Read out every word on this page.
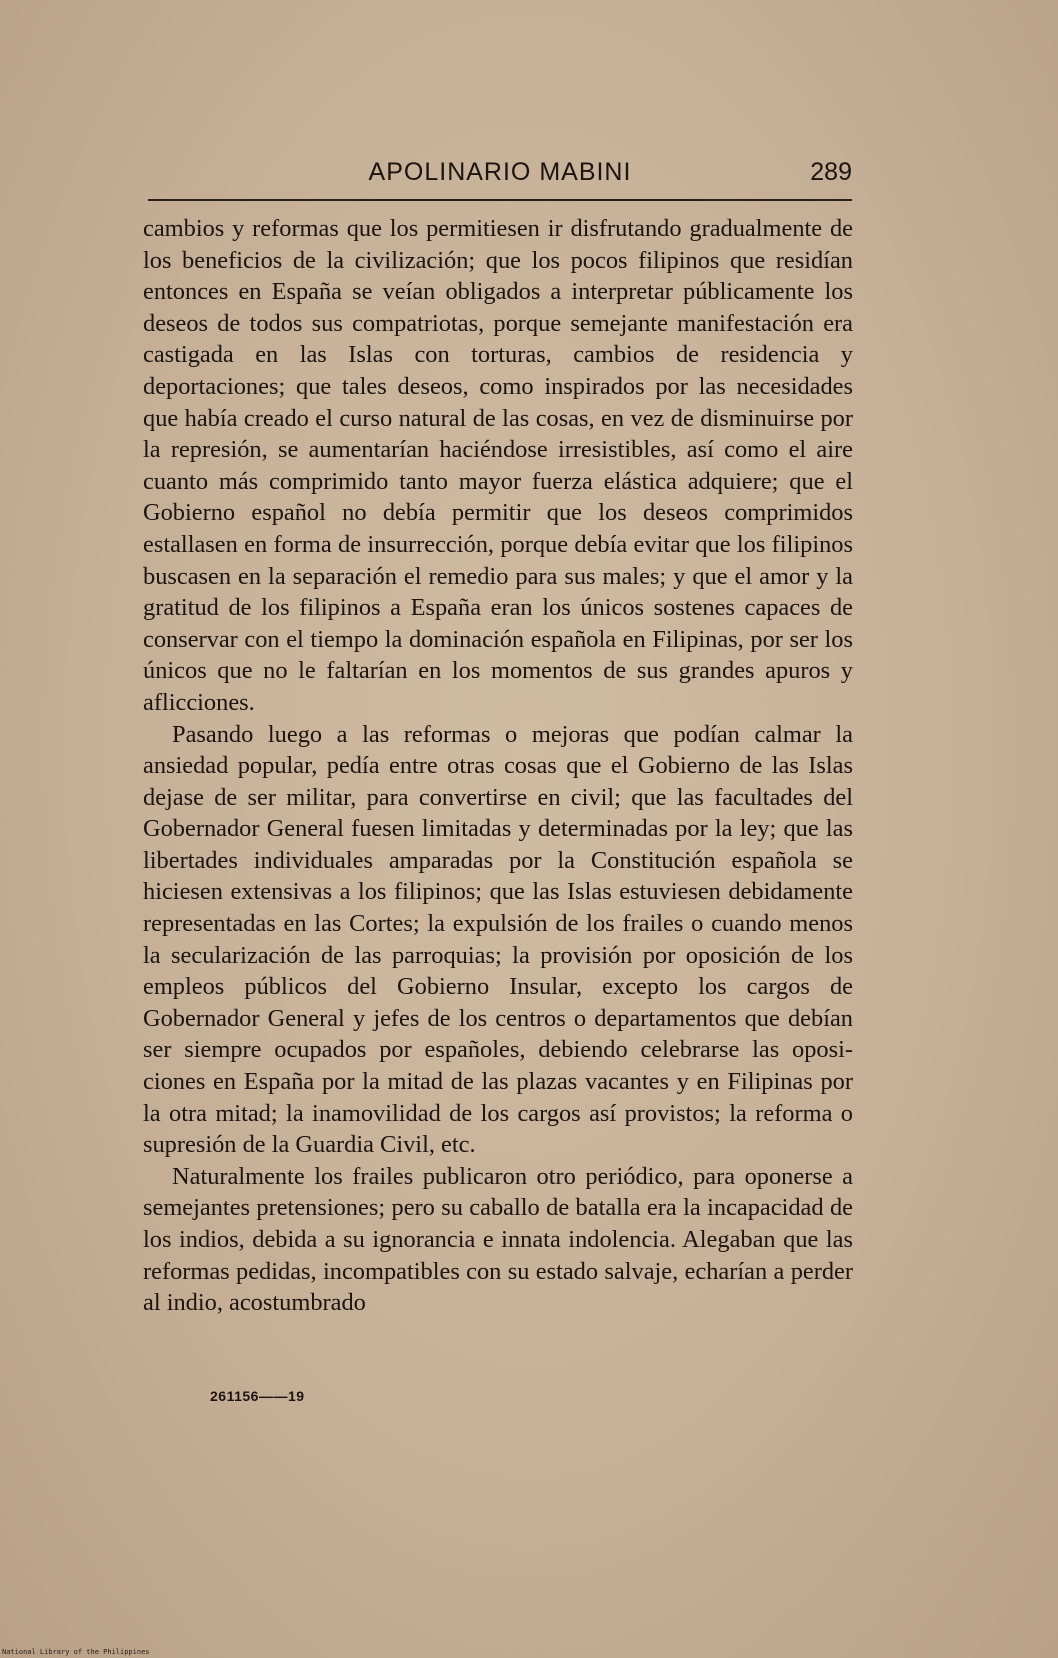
APOLINARIO MABINI	289

cambios y reformas que los permitiesen ir disfrutando gradualmente de los beneficios de la civilización; que los pocos filipinos que residían entonces en España se veían obligados a interpretar públicamente los deseos de todos sus compatriotas, porque semejante manifestación era castigada en las Islas con torturas, cambios de residencia y deportaciones; que tales deseos, como inspirados por las necesidades que había creado el curso natural de las cosas, en vez de disminuirse por la represión, se aumentarían haciéndose irresistibles, así como el aire cuanto más comprimido tanto mayor fuerza elástica adquiere; que el Gobierno español no debía permitir que los deseos comprimidos estallasen en forma de insurrección, porque debía evitar que los filipinos buscasen en la separación el remedio para sus males; y que el amor y la gratitud de los filipinos a España eran los únicos sostenes capaces de conservar con el tiempo la dominación española en Filipinas, por ser los únicos que no le faltarían en los momentos de sus grandes apuros y aflicciones.

Pasando luego a las reformas o mejoras que podían calmar la ansiedad popular, pedía entre otras cosas que el Gobierno de las Islas dejase de ser militar, para convertirse en civil; que las facultades del Gobernador General fuesen limitadas y determinadas por la ley; que las libertades individuales amparadas por la Constitución española se hiciesen extensivas a los filipinos; que las Islas estuviesen debidamente representadas en las Cortes; la expulsión de los frailes o cuando menos la secularización de las parroquias; la provisión por oposición de los empleos públicos del Gobierno Insular, excepto los cargos de Gobernador General y jefes de los centros o departamentos que debían ser siempre ocupados por españoles, debiendo celebrarse las oposiciones en España por la mitad de las plazas vacantes y en Filipinas por la otra mitad; la inamovilidad de los cargos así provistos; la reforma o supresión de la Guardia Civil, etc.

Naturalmente los frailes publicaron otro periódico, para oponerse a semejantes pretensiones; pero su caballo de batalla era la incapacidad de los indios, debida a su ignorancia e innata indolencia. Alegaban que las reformas pedidas, incompatibles con su estado salvaje, echarían a perder al indio, acostumbrado

261156——19
National Library of the Philippines
